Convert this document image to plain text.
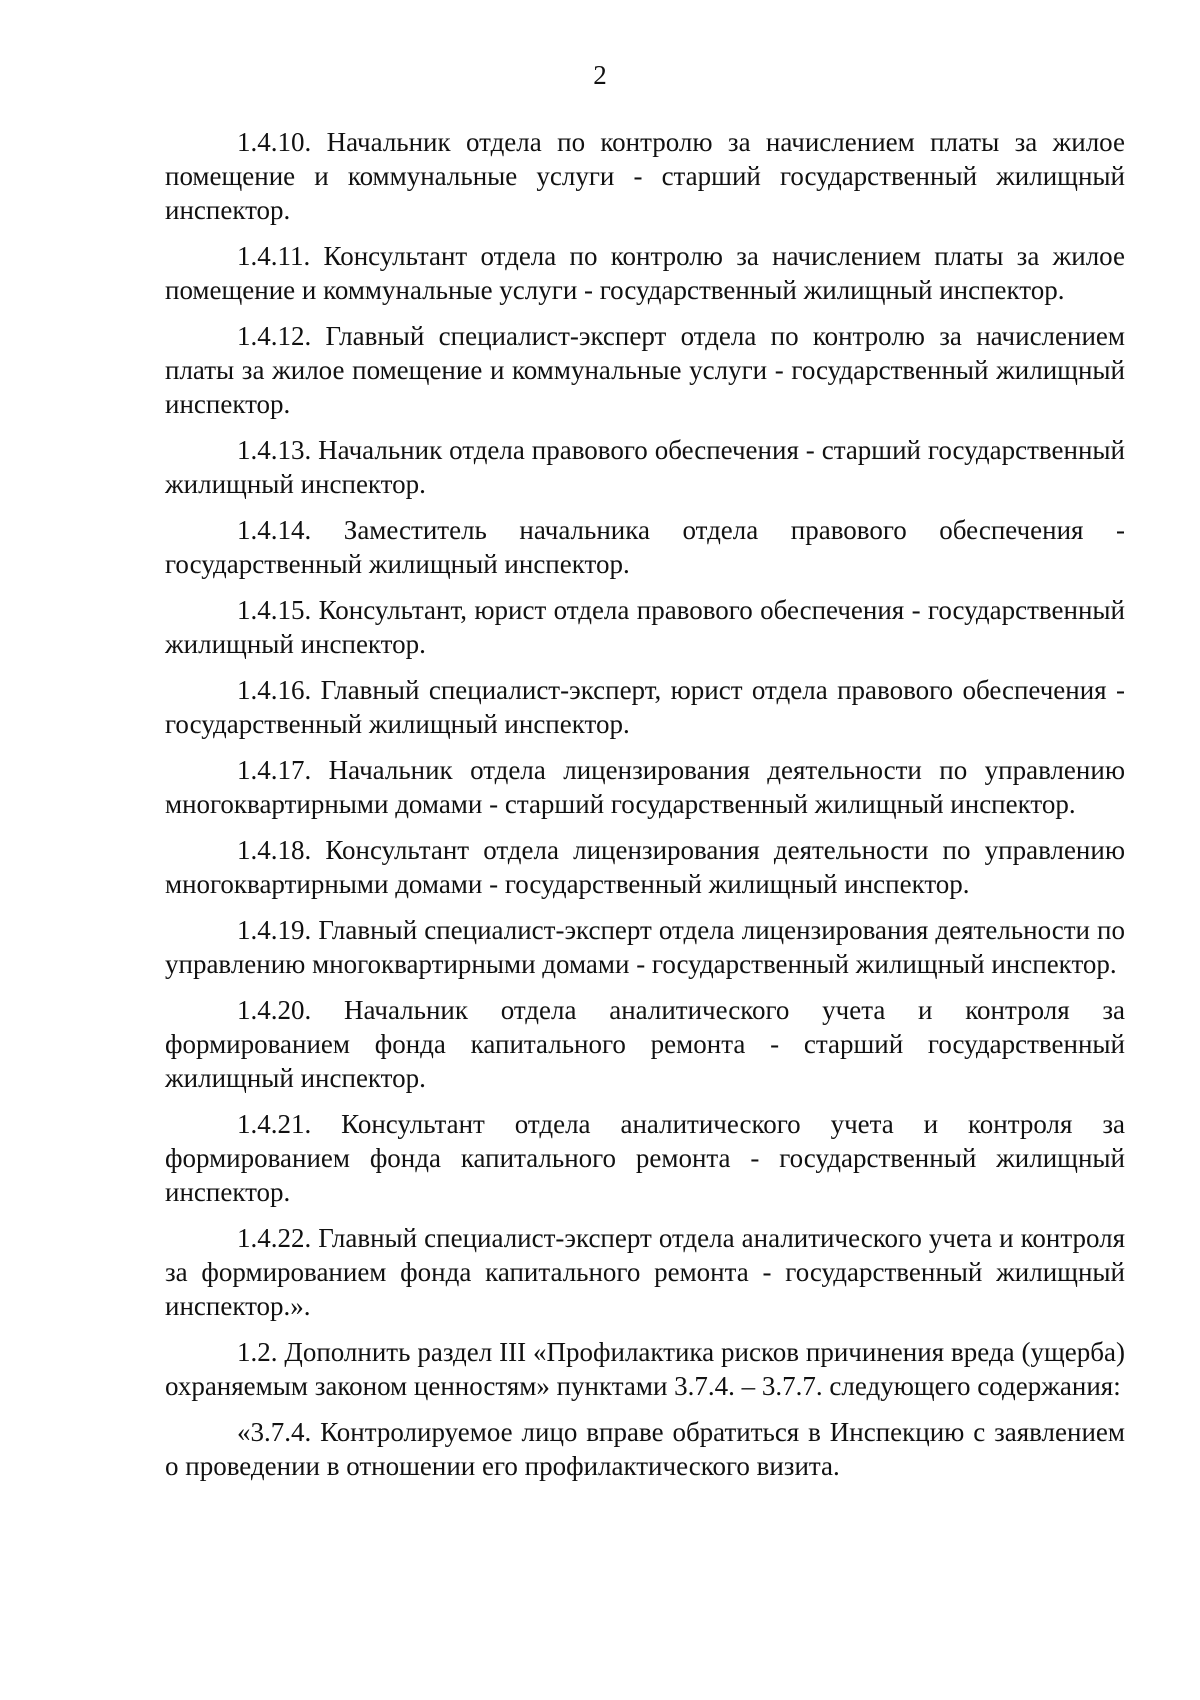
2

1.4.10. Начальник отдела по контролю за начислением платы за жилое помещение и коммунальные услуги - старший государственный жилищный инспектор.

1.4.11. Консультант отдела по контролю за начислением платы за жилое помещение и коммунальные услуги - государственный жилищный инспектор.

1.4.12. Главный специалист-эксперт отдела по контролю за начислением платы за жилое помещение и коммунальные услуги - государственный жилищный инспектор.

1.4.13. Начальник отдела правового обеспечения - старший государственный жилищный инспектор.

1.4.14. Заместитель начальника отдела правового обеспечения - государственный жилищный инспектор.

1.4.15. Консультант, юрист отдела правового обеспечения - государственный жилищный инспектор.

1.4.16. Главный специалист-эксперт, юрист отдела правового обеспечения - государственный жилищный инспектор.

1.4.17. Начальник отдела лицензирования деятельности по управлению многоквартирными домами - старший государственный жилищный инспектор.

1.4.18. Консультант отдела лицензирования деятельности по управлению многоквартирными домами - государственный жилищный инспектор.

1.4.19. Главный специалист-эксперт отдела лицензирования деятельности по управлению многоквартирными домами - государственный жилищный инспектор.

1.4.20. Начальник отдела аналитического учета и контроля за формированием фонда капитального ремонта - старший государственный жилищный инспектор.

1.4.21. Консультант отдела аналитического учета и контроля за формированием фонда капитального ремонта - государственный жилищный инспектор.

1.4.22. Главный специалист-эксперт отдела аналитического учета и контроля за формированием фонда капитального ремонта - государственный жилищный инспектор.».

1.2. Дополнить раздел III «Профилактика рисков причинения вреда (ущерба) охраняемым законом ценностям» пунктами 3.7.4. – 3.7.7. следующего содержания:

«3.7.4. Контролируемое лицо вправе обратиться в Инспекцию с заявлением о проведении в отношении его профилактического визита.
